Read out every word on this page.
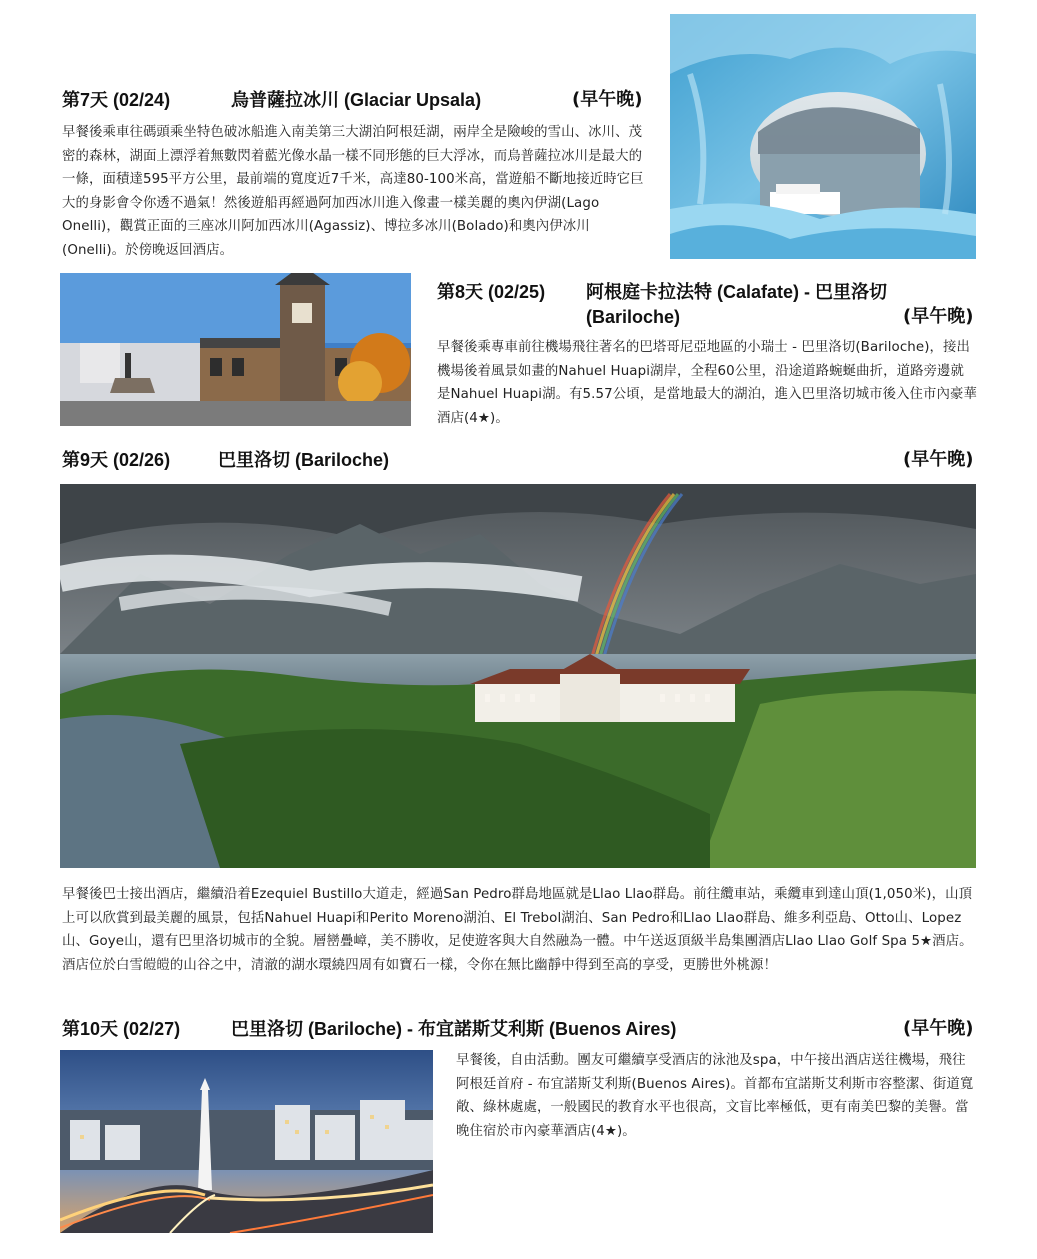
第7天 (02/24)	烏普薩拉冰川 (Glaciar Upsala)	(早午晚)
早餐後乘車往碼頭乘坐特色破冰船進入南美第三大湖泊阿根廷湖，兩岸全是險峻的雪山、冰川、茂密的森林，湖面上漂浮着無數閃着藍光像水晶一樣不同形態的巨大浮冰，而烏普薩拉冰川是最大的一條，面積達595平方公里，最前端的寬度近7千米，高達80-100米高，當遊船不斷地接近時它巨大的身影會令你透不過氣！然後遊船再經過阿加西冰川進入像畫一樣美麗的奧內伊湖(Lago Onelli)，觀賞正面的三座冰川阿加西冰川(Agassiz)、博拉多冰川(Bolado)和奧內伊冰川(Onelli)。於傍晚返回酒店。
第8天 (02/25) 阿根庭卡拉法特 (Calafate) - 巴里洛切
(Bariloche)	(早午晚)
早餐後乘專車前往機場飛往著名的巴塔哥尼亞地區的小瑞士 - 巴里洛切(Bariloche)，接出機場後着風景如畫的Nahuel Huapi湖岸，全程60公里，沿途道路蜿蜒曲折，道路旁邊就是Nahuel Huapi湖。有5.57公頃，是當地最大的湖泊，進入巴里洛切城市後入住市內豪華酒店(4★)。
第9天 (02/26)	巴里洛切 (Bariloche)	(早午晚)
早餐後巴士接出酒店，繼續沿着Ezequiel Bustillo大道走，經過San Pedro群島地區就是Llao Llao群島。前往纜車站，乘纜車到達山頂(1,050米)，山頂上可以欣賞到最美麗的風景，包括Nahuel Huapi和Perito Moreno湖泊、El Trebol湖泊、San Pedro和Llao Llao群島、維多利亞島、Otto山、Lopez山、Goye山，還有巴里洛切城市的全貌。層巒疊嶂，美不勝收，足使遊客與大自然融為一體。中午送返頂級半島集團酒店Llao Llao Golf Spa 5★酒店。酒店位於白雪皚皚的山谷之中，清澈的湖水環繞四周有如寶石一樣，令你在無比幽靜中得到至高的享受，更勝世外桃源！
第10天 (02/27)	巴里洛切 (Bariloche) - 布宜諾斯艾利斯 (Buenos Aires)	(早午晚)
早餐後，自由活動。團友可繼續享受酒店的泳池及spa，中午接出酒店送往機場，飛往阿根廷首府 - 布宜諾斯艾利斯(Buenos Aires)。首都布宜諾斯艾利斯市容整潔、街道寬敞、綠林處處，一般國民的教育水平也很高，文盲比率極低，更有南美巴黎的美譽。當晚住宿於市內豪華酒店(4★)。
